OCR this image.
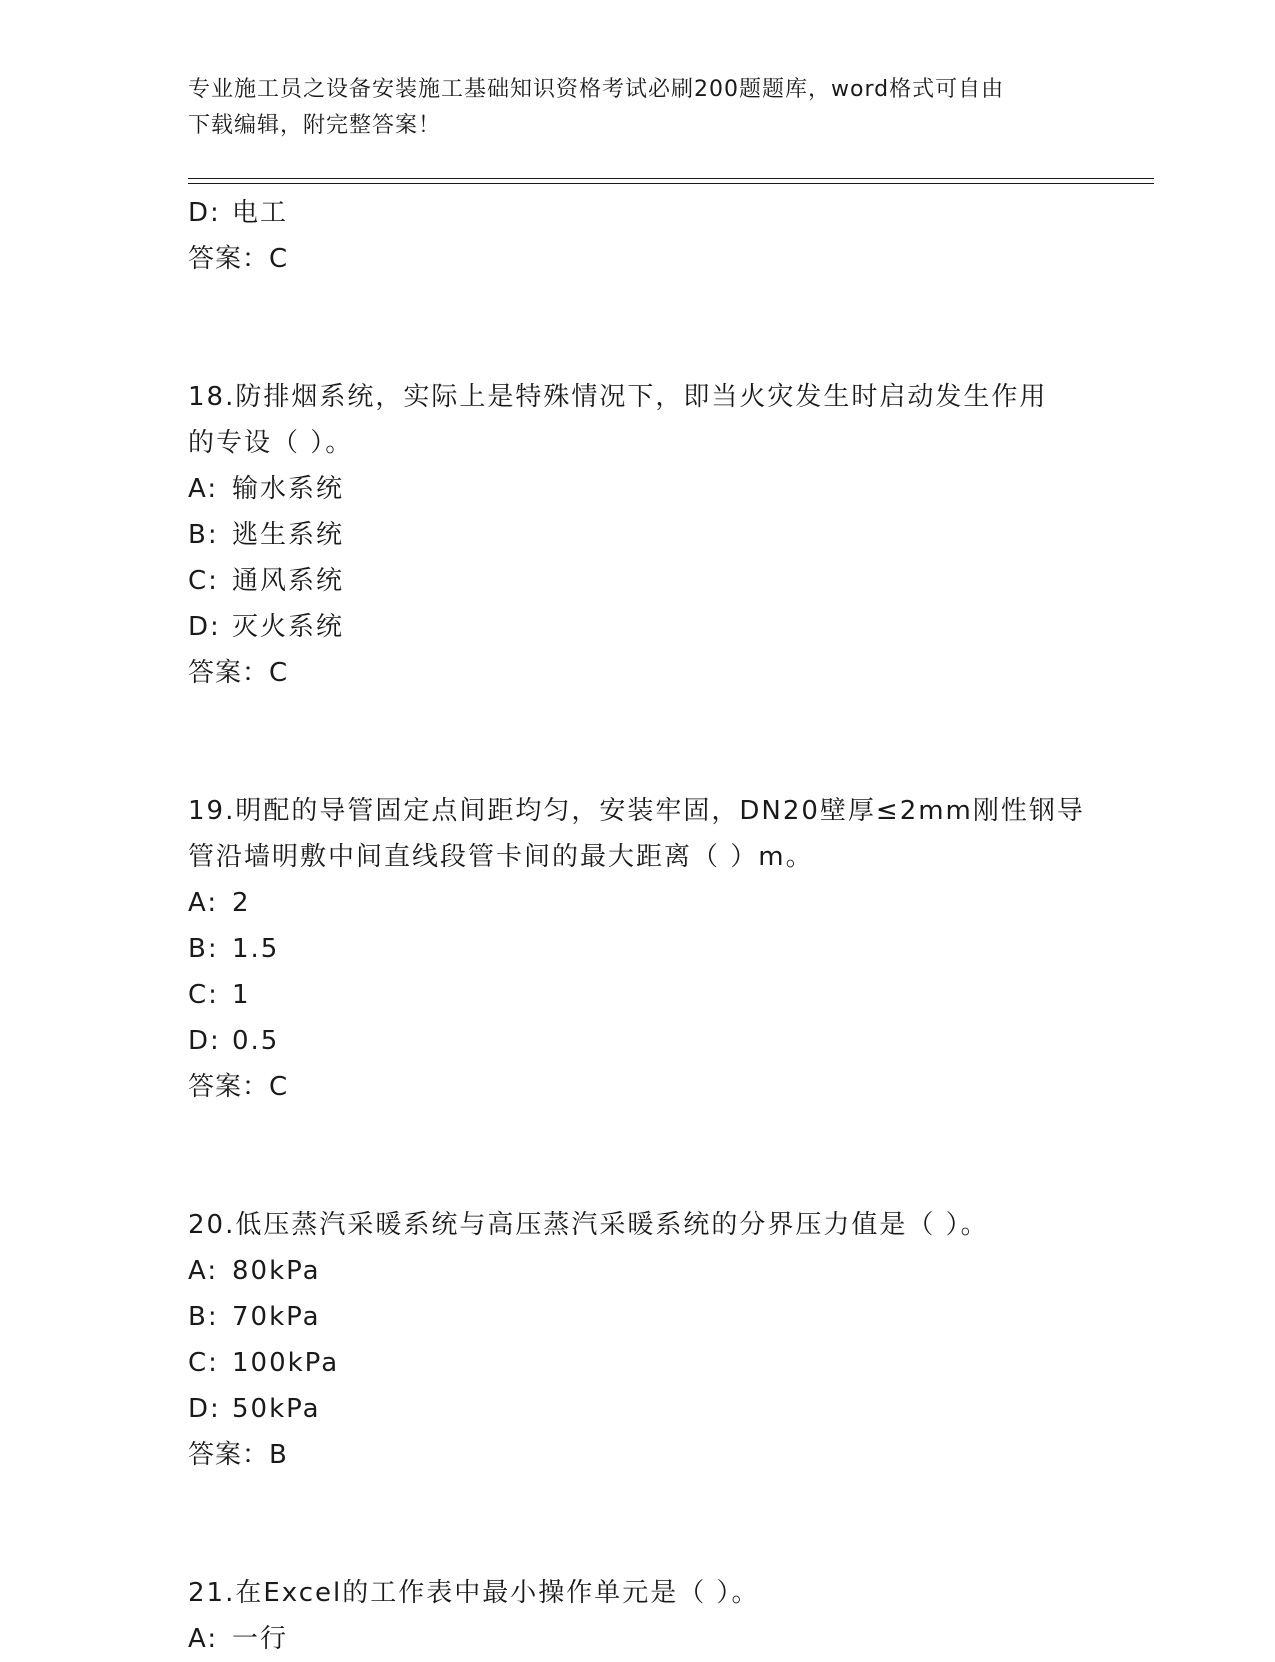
专业施工员之设备安装施工基础知识资格考试必刷200题题库，word格式可自由
下载编辑，附完整答案！
D: 电工
答案：C
18.防排烟系统，实际上是特殊情况下，即当火灾发生时启动发生作用
的专设（ ）。
A: 输水系统
B: 逃生系统
C: 通风系统
D: 灭火系统
答案：C
19.明配的导管固定点间距均匀，安装牢固，DN20壁厚≤2mm刚性钢导
管沿墙明敷中间直线段管卡间的最大距离（ ）m。
A: 2
B: 1.5
C: 1
D: 0.5
答案：C
20.低压蒸汽采暖系统与高压蒸汽采暖系统的分界压力值是（ ）。
A: 80kPa
B: 70kPa
C: 100kPa
D: 50kPa
答案：B
21.在Excel的工作表中最小操作单元是（ ）。
A: 一行
